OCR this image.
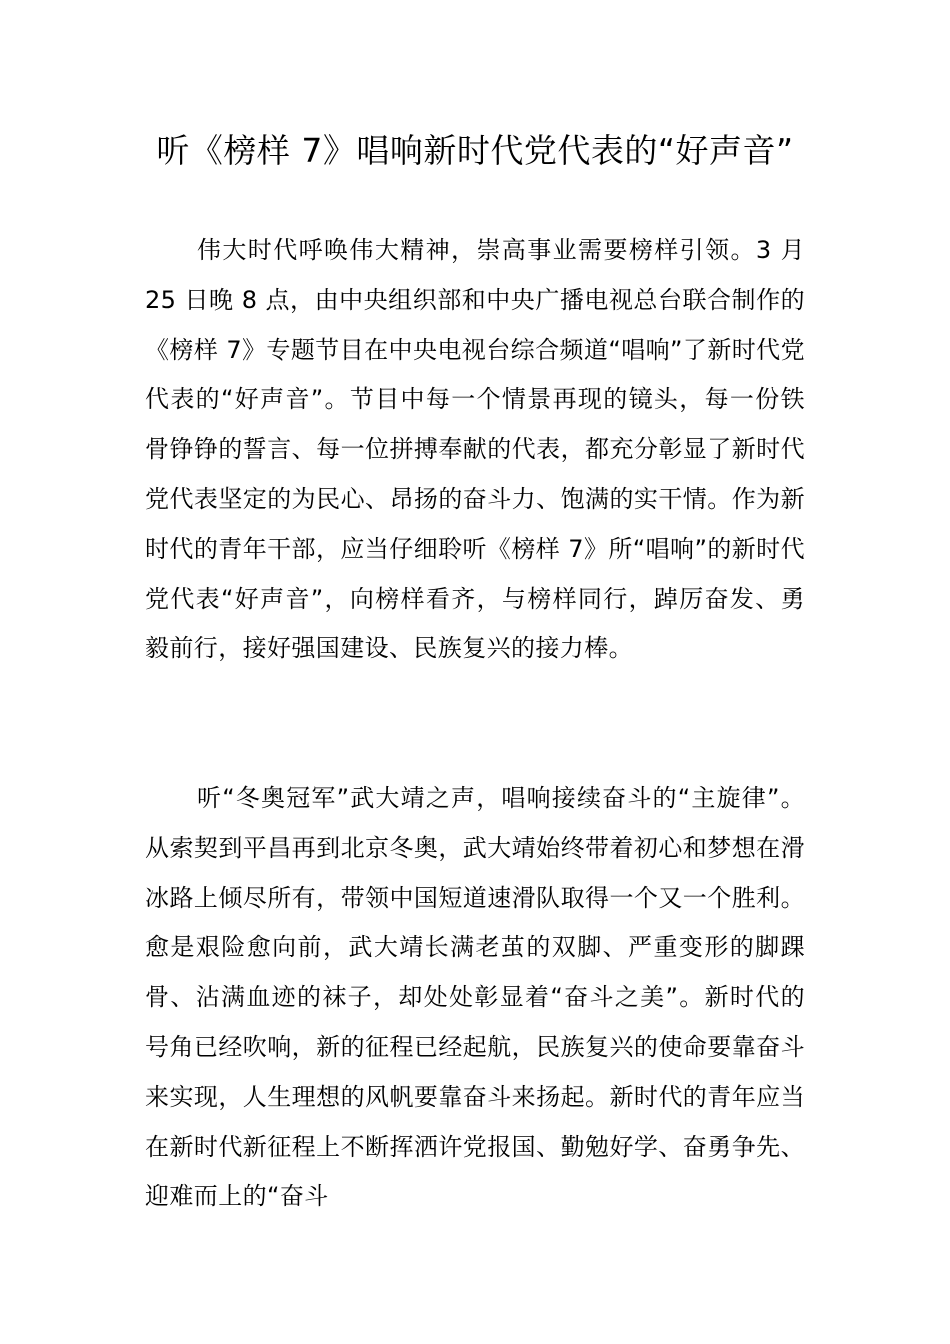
听《榜样 7》唱响新时代党代表的“好声音”

伟大时代呼唤伟大精神，崇高事业需要榜样引领。3 月 25 日晚 8 点，由中央组织部和中央广播电视总台联合制作的《榜样 7》专题节目在中央电视台综合频道“唱响”了新时代党代表的“好声音”。节目中每一个情景再现的镜头，每一份铁骨铮铮的誓言、每一位拼搏奉献的代表，都充分彰显了新时代党代表坚定的为民心、昂扬的奋斗力、饱满的实干情。作为新时代的青年干部，应当仔细聆听《榜样 7》所“唱响”的新时代党代表“好声音”，向榜样看齐，与榜样同行，踔厉奋发、勇毅前行，接好强国建设、民族复兴的接力棒。

听“冬奥冠军”武大靖之声，唱响接续奋斗的“主旋律”。从索契到平昌再到北京冬奥，武大靖始终带着初心和梦想在滑冰路上倾尽所有，带领中国短道速滑队取得一个又一个胜利。愈是艰险愈向前，武大靖长满老茧的双脚、严重变形的脚踝骨、沾满血迹的袜子，却处处彰显着“奋斗之美”。新时代的号角已经吹响，新的征程已经起航，民族复兴的使命要靠奋斗来实现，人生理想的风帆要靠奋斗来扬起。新时代的青年应当在新时代新征程上不断挥洒许党报国、勤勉好学、奋勇争先、迎难而上的“奋斗
